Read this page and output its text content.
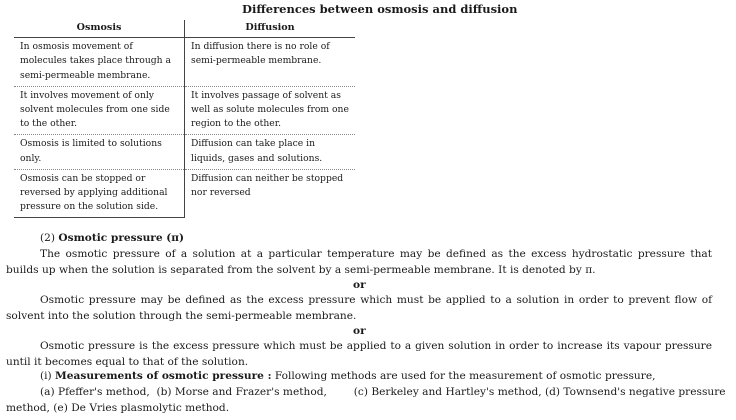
Differences between osmosis and diffusion
Osmosis	Diffusion
In osmosis movement of molecules takes place through a semi-permeable membrane.	In diffusion there is no role of semi-permeable membrane.
It involves movement of only solvent molecules from one side to the other.	It involves passage of solvent as well as solute molecules from one region to the other.
Osmosis is limited to solutions only.	Diffusion can take place in liquids, gases and solutions.
Osmosis can be stopped or reversed by applying additional pressure on the solution side.	Diffusion can neither be stopped nor reversed
(2) Osmotic pressure (π)

The osmotic pressure of a solution at a particular temperature may be defined as the excess hydrostatic pressure that builds up when the solution is separated from the solvent by a semi-permeable membrane. It is denoted by π.

or

Osmotic pressure may be defined as the excess pressure which must be applied to a solution in order to prevent flow of solvent into the solution through the semi-permeable membrane.

or

Osmotic pressure is the excess pressure which must be applied to a given solution in order to increase its vapour pressure until it becomes equal to that of the solution.

(i) Measurements of osmotic pressure : Following methods are used for the measurement of osmotic pressure,
(a) Pfeffer's method,  (b) Morse and Frazer's method,        (c) Berkeley and Hartley's method, (d) Townsend's negative pressure
method, (e) De Vries plasmolytic method.
